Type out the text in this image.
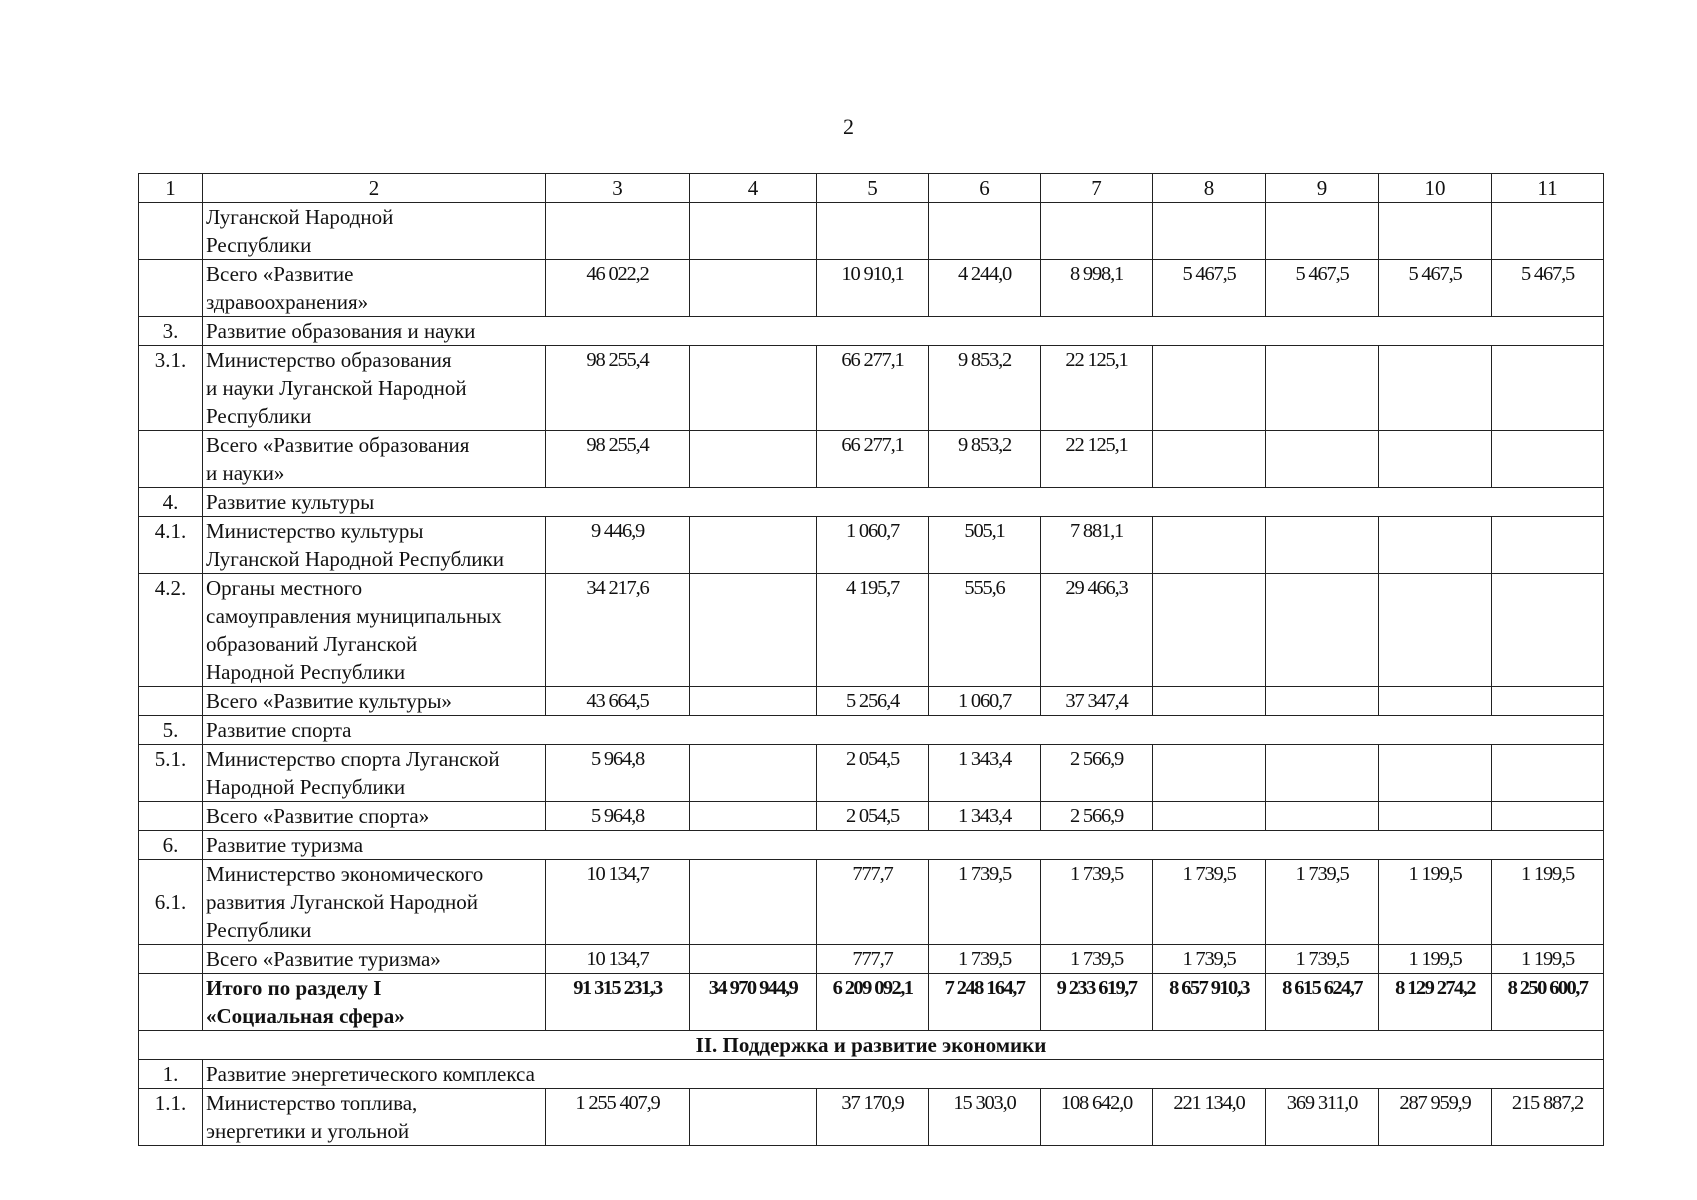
2
1	2	3	4	5	6	7	8	9	10	11
	Луганской Народной
Республики									
	Всего «Развитие
здравоохранения»	46 022,2		10 910,1	4 244,0	8 998,1	5 467,5	5 467,5	5 467,5	5 467,5
3.	Развитие образования и науки									
3.1.	Министерство образования
и науки Луганской Народной
Республики	98 255,4		66 277,1	9 853,2	22 125,1				
	Всего «Развитие образования
и науки»	98 255,4		66 277,1	9 853,2	22 125,1				
4.	Развитие культуры									
4.1.	Министерство культуры
Луганской Народной Республики	9 446,9		1 060,7	505,1	7 881,1				
4.2.	Органы местного
самоуправления муниципальных
образований Луганской
Народной Республики	34 217,6		4 195,7	555,6	29 466,3				
	Всего «Развитие культуры»	43 664,5		5 256,4	1 060,7	37 347,4				
5.	Развитие спорта									
5.1.	Министерство спорта Луганской
Народной Республики	5 964,8		2 054,5	1 343,4	2 566,9				
	Всего «Развитие спорта»	5 964,8		2 054,5	1 343,4	2 566,9				
6.	Развитие туризма									
6.1.	Министерство экономического
развития Луганской Народной
Республики	10 134,7		777,7	1 739,5	1 739,5	1 739,5	1 739,5	1 199,5	1 199,5
	Всего «Развитие туризма»	10 134,7		777,7	1 739,5	1 739,5	1 739,5	1 739,5	1 199,5	1 199,5
	Итого по разделу I
«Социальная сфера»	91 315 231,3	34 970 944,9	6 209 092,1	7 248 164,7	9 233 619,7	8 657 910,3	8 615 624,7	8 129 274,2	8 250 600,7
II. Поддержка и развитие экономики										
1.	Развитие энергетического комплекса									
1.1.	Министерство топлива,
энергетики и угольной	1 255 407,9		37 170,9	15 303,0	108 642,0	221 134,0	369 311,0	287 959,9	215 887,2
